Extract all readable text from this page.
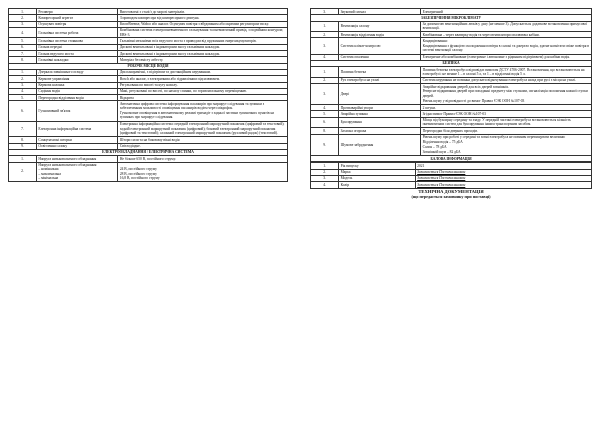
1.	Ресивери	Виготовлені з сталі/з до морозі матеріалів.
2.	Компресорний агрегат	З приводом компресора від компресорного двигуна.
3.	Осушувач повітря	KnorrBremse, Wabco або аналог. Осушувач повітря з вбудованим або окремим регулятором тиску.
4.	Гальмівна система робоча	Комбінована система електропневматичного гальмування та пневматичний привід, з подвійним контуром; EBS-3.
5.	Гальмівна система стоянкова	Гальмівні механізми всіх ведучого моста з приводом від пружинних енергоакумуляторів.
6.	Гальма передні	Дискові вентильовані з індикаторами зносу гальмівних накладок.
7.	Гальма ведучого моста	Дискові вентильовані з індикаторами зносу гальмівних накладок.
8.	Гальмівні накладки	Матеріал без вмісту азбесту.
РОБОЧЕ МІСЦЕ ВОДІЯ		
1.	Дзеркала зовнішнього огляду	Два панорамічні, з підігрівом та дистанційним керуванням.
2.	Кермове управління	Bosch або аналог, з електричним або гідравлічним підсилювачем.
3.	Кермова колонка	Регульована по висоті та куту нахилу.
4.	Сидіння водія	Мякі, регульовані по висоті, по нахилу спинки, по горизонтальному переміщенню.
5.	Перегородка відділення водія	Відкрита
6.	Гучномовний зв'язок	Автоматична цифрова система інформування пасажирів про маршрут слідування та зупинки з забезпеченням можливості оповіщення пасажирів водієм через мікрофон.

Гучномовне оповіщення в автоматичному режимі тримадіт з задньої частини зупиночних пунктів на зупинках про маршрут слідування.

7.	Електронна інформаційна система	Електронна інформаційна система: передній електронний маршрутний покажчик (цифровий та текстовий); задній електронний маршрутний покажчик (цифровий); боковий електронний маршрутний покажчик (цифровий та текстовий); салонний електронний маршрутний покажчик (рухливий рядок) (текстовий).

8.	Сонцезахисні шторки	Штори сили та на боковому вікні водія
9.	Освітлення салону	Світлодіодне.
ЕЛЕКТРООБЛАДНАННЯ / ЕЛЕКТРИЧНА СИСТЕМА		
1.	Напруга низьковольтного обладнання	Не більше 650 В, постійного струму.
2.	Напруга низьковольтного обладнання:
– номінальна
– максимальна
– мінімальна	24 В, постійного струму
28 В, постійного струму
16,8 В, постійного струму
3.	Звуковий сигнал	Електричний
ЗАБЕЗПЕЧЕННЯ МІКРОКЛІМАТУ		
1.	Вентиляція салону	За допомогою вентиляційних люків у даху (не менше 3). Допускається додаткове встановлення примусової вентиляції.
2.	Вентиляція відділення водія	Комбінована – через кватирку водія та через вентилятори опалювача кабіни.
3.	Система клімат-контролю	Кондиціювання:

Кондиціювання з функцією охолодження повітря в салоні та джерело водія, здатне нагнітати свіже повітря в системі вентиляції салону.

4.	Система опалення	Електричне або комбіноване (електричне і автономне з рідинним підігрівачем) для кабіни водія.
БЕЗПЕКА		
1.	Пасивна безпека	Пасивна безпека електробуса відповідає вимогам ДСТУ 4706-2007. Встановлення, що встановлюється на електробусі: не менше 1 – в салоні 5 л, та 1 – в відділенні водія 5 л.
2.	Рух електробуса на ухилі	Система керування не повинна допускати відкочування електробуса назад при русі з місця на ухилі.
3.	Двері	Аварійне відкривання дверей для всіх дверей зовнішніх.

Реверсне відкривання дверей при попаданні предмету між стулками, сигналізація положення кожної стулки дверей.

Рівень шуму у відповідності до вимог Правил ЄЭК ООН №107-03

4.	Протиаварійні упори	2 штуки.
5.	Аварійна зупинка	Згідно вимог Правил ЄЭК ООН №107-03
6.	Буксирування	Місця під буксирну середину та ззаду. У передній частині електробуса встановлюється кількість пневматичних систем для буксирування іншим транспортним засобом.
8.	Захисна огорожа	Перегородки біля дверних проходів.
9.	Шумове забруднення	Рівень шуму при роботі у середині та зовні електробуса не повинен перевищувати величини:

Відділення водія – 75 дБА

Салон – 78 дБА

Зовнішній шум – 82 дБА

БАЛОВА ІНФОРМАЦІЯ		
1.	Рік випуску	2021
2.	Марка	Зазначається Постачальником
3.	Модель	Зазначається Постачальником
4.	Колір	Зазначається Постачальником
ТЕХНІЧНА ДОКУМЕНТАЦІЯ
(що передається замовнику при поставці)
